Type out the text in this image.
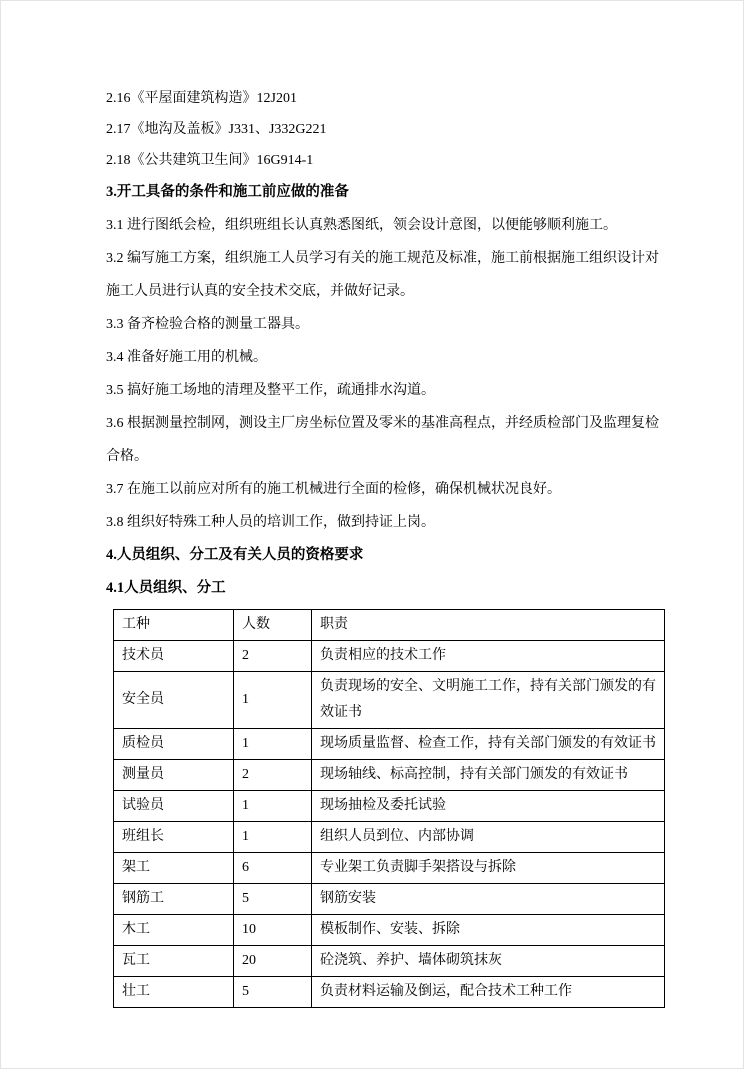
2.16《平屋面建筑构造》12J201

2.17《地沟及盖板》J331、J332G221

2.18《公共建筑卫生间》16G914-1

3.开工具备的条件和施工前应做的准备

3.1 进行图纸会检，组织班组长认真熟悉图纸，领会设计意图，以便能够顺利施工。

3.2 编写施工方案，组织施工人员学习有关的施工规范及标准，施工前根据施工组织设计对施工人员进行认真的安全技术交底，并做好记录。

3.3 备齐检验合格的测量工器具。

3.4 准备好施工用的机械。

3.5 搞好施工场地的清理及整平工作，疏通排水沟道。

3.6 根据测量控制网，测设主厂房坐标位置及零米的基准高程点，并经质检部门及监理复检合格。

3.7 在施工以前应对所有的施工机械进行全面的检修，确保机械状况良好。

3.8 组织好特殊工种人员的培训工作，做到持证上岗。

4.人员组织、分工及有关人员的资格要求

4.1人员组织、分工

工种	人数	职责
技术员	2	负责相应的技术工作
安全员	1	负责现场的安全、文明施工工作，持有关部门颁发的有效证书
质检员	1	现场质量监督、检查工作，持有关部门颁发的有效证书
测量员	2	现场轴线、标高控制，持有关部门颁发的有效证书
试验员	1	现场抽检及委托试验
班组长	1	组织人员到位、内部协调
架工	6	专业架工负责脚手架搭设与拆除
钢筋工	5	钢筋安装
木工	10	模板制作、安装、拆除
瓦工	20	砼浇筑、养护、墙体砌筑抹灰
壮工	5	负责材料运输及倒运，配合技术工种工作
